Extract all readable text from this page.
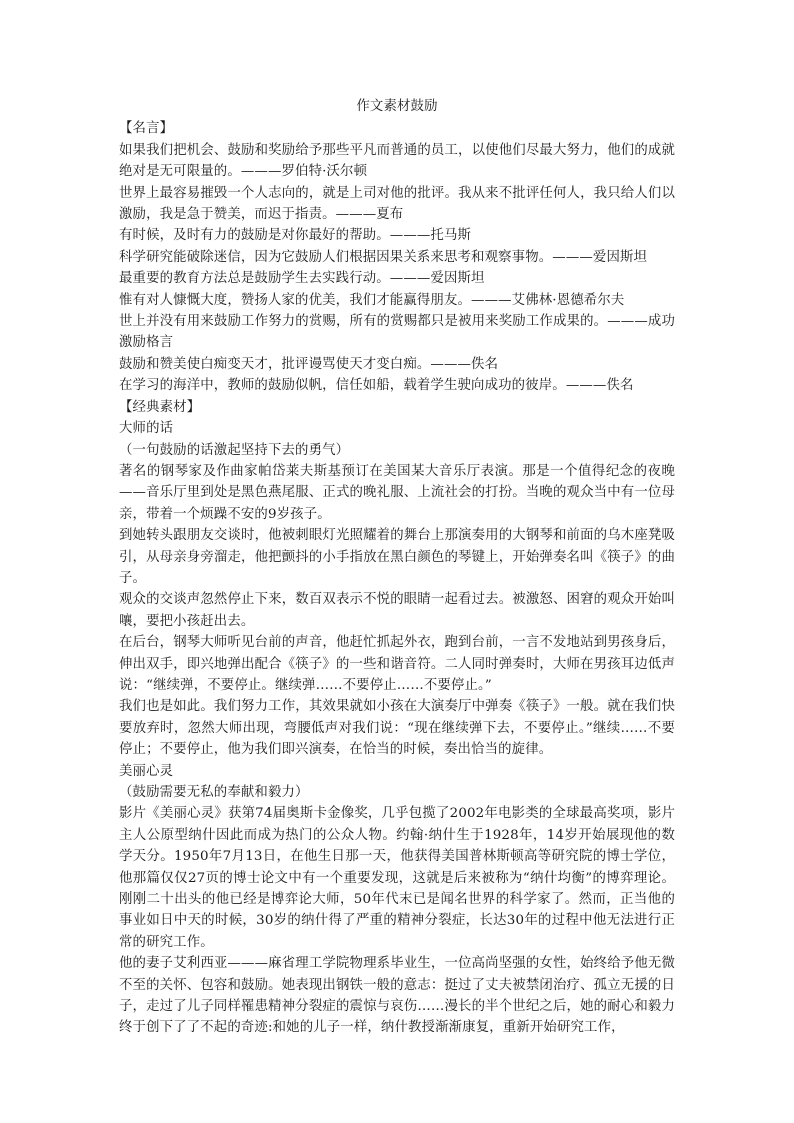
作文素材鼓励
【名言】
如果我们把机会、鼓励和奖励给予那些平凡而普通的员工，以使他们尽最大努力，他们的成就绝对是无可限量的。———罗伯特·沃尔顿
世界上最容易摧毁一个人志向的，就是上司对他的批评。我从来不批评任何人，我只给人们以激励，我是急于赞美，而迟于指责。———夏布
有时候，及时有力的鼓励是对你最好的帮助。———托马斯
科学研究能破除迷信，因为它鼓励人们根据因果关系来思考和观察事物。———爱因斯坦
最重要的教育方法总是鼓励学生去实践行动。———爱因斯坦
惟有对人慷慨大度，赞扬人家的优美，我们才能赢得朋友。———艾佛林·恩德希尔夫
世上并没有用来鼓励工作努力的赏赐，所有的赏赐都只是被用来奖励工作成果的。———成功激励格言
鼓励和赞美使白痴变天才，批评谩骂使天才变白痴。———佚名
在学习的海洋中，教师的鼓励似帆，信任如船，载着学生驶向成功的彼岸。———佚名
【经典素材】
大师的话
（一句鼓励的话激起坚持下去的勇气）
著名的钢琴家及作曲家帕岱莱夫斯基预订在美国某大音乐厅表演。那是一个值得纪念的夜晚——音乐厅里到处是黑色燕尾服、正式的晚礼服、上流社会的打扮。当晚的观众当中有一位母亲，带着一个烦躁不安的9岁孩子。
到她转头跟朋友交谈时，他被刺眼灯光照耀着的舞台上那演奏用的大钢琴和前面的乌木座凳吸引，从母亲身旁溜走，他把颤抖的小手指放在黑白颜色的琴键上，开始弹奏名叫《筷子》的曲子。
观众的交谈声忽然停止下来，数百双表示不悦的眼睛一起看过去。被激怒、困窘的观众开始叫嚷，要把小孩赶出去。
在后台，钢琴大师听见台前的声音，他赶忙抓起外衣，跑到台前，一言不发地站到男孩身后，伸出双手，即兴地弹出配合《筷子》的一些和谐音符。二人同时弹奏时，大师在男孩耳边低声说：“继续弹，不要停止。继续弹……不要停止……不要停止。”
我们也是如此。我们努力工作，其效果就如小孩在大演奏厅中弹奏《筷子》一般。就在我们快要放弃时，忽然大师出现，弯腰低声对我们说：“现在继续弹下去，不要停止。”继续……不要停止；不要停止，他为我们即兴演奏，在恰当的时候，奏出恰当的旋律。
美丽心灵
（鼓励需要无私的奉献和毅力）
影片《美丽心灵》获第74届奥斯卡金像奖，几乎包揽了2002年电影类的全球最高奖项，影片主人公原型纳什因此而成为热门的公众人物。约翰·纳什生于1928年，14岁开始展现他的数学天分。1950年7月13日，在他生日那一天，他获得美国普林斯顿高等研究院的博士学位，他那篇仅仅27页的博士论文中有一个重要发现，这就是后来被称为“纳什均衡”的博弈理论。刚刚二十出头的他已经是博弈论大师，50年代末已是闻名世界的科学家了。然而，正当他的事业如日中天的时候，30岁的纳什得了严重的精神分裂症，长达30年的过程中他无法进行正常的研究工作。
他的妻子艾利西亚———麻省理工学院物理系毕业生，一位高尚坚强的女性，始终给予他无微不至的关怀、包容和鼓励。她表现出钢铁一般的意志：挺过了丈夫被禁闭治疗、孤立无援的日子，走过了儿子同样罹患精神分裂症的震惊与哀伤……漫长的半个世纪之后，她的耐心和毅力终于创下了了不起的奇迹:和她的儿子一样，纳什教授渐渐康复，重新开始研究工作，
